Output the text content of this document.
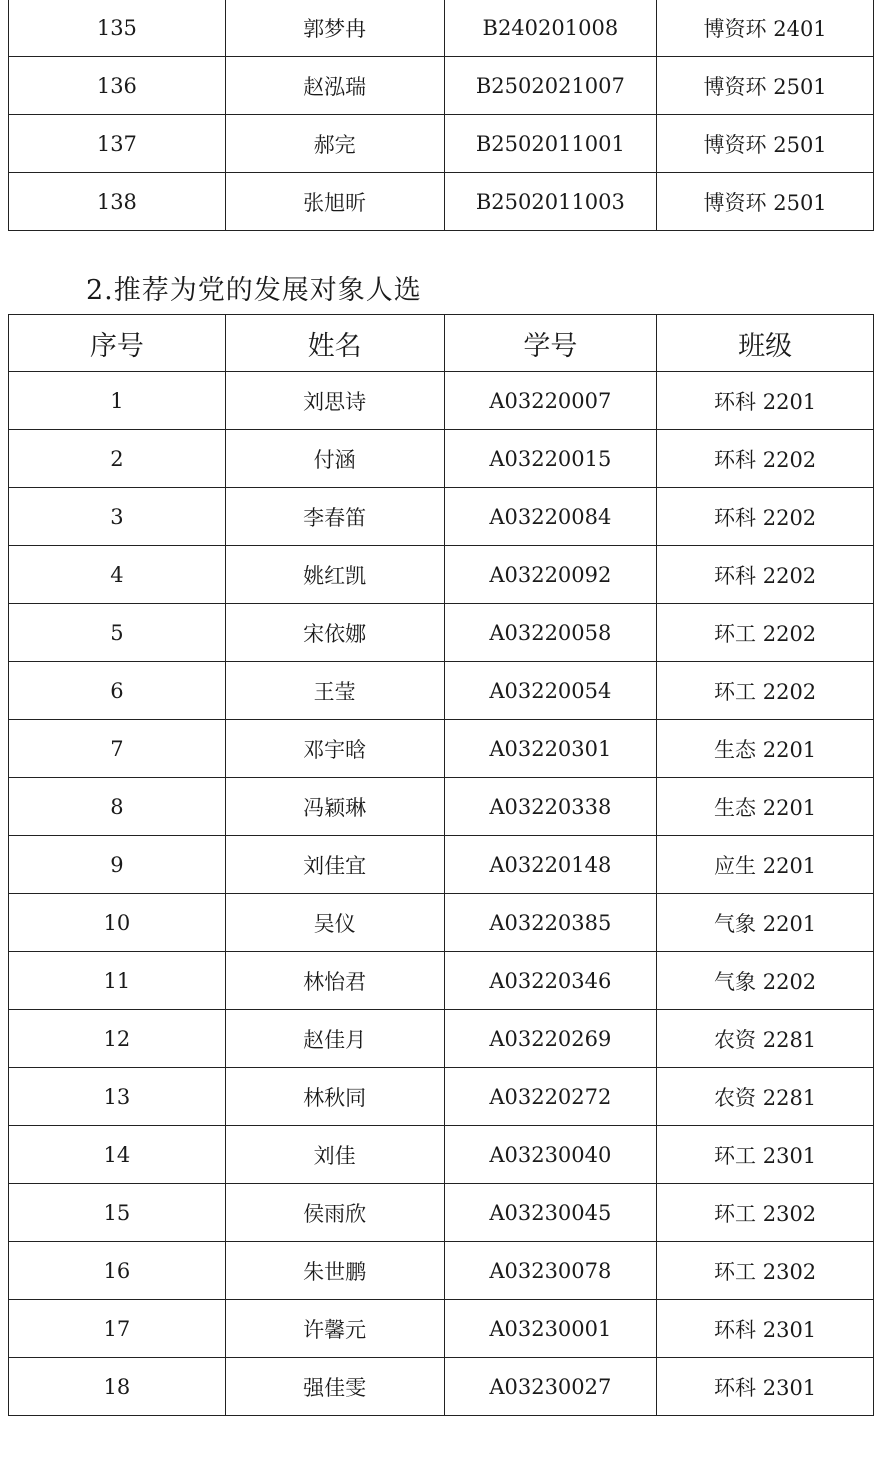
135	郭梦冉	B240201008	博资环 2401
136	赵泓瑞	B2502021007	博资环 2501
137	郝完	B2502011001	博资环 2501
138	张旭昕	B2502011003	博资环 2501
2.推荐为党的发展对象人选
序号	姓名	学号	班级
1	刘思诗	A03220007	环科 2201
2	付涵	A03220015	环科 2202
3	李春笛	A03220084	环科 2202
4	姚红凯	A03220092	环科 2202
5	宋依娜	A03220058	环工 2202
6	王莹	A03220054	环工 2202
7	邓宇晗	A03220301	生态 2201
8	冯颖琳	A03220338	生态 2201
9	刘佳宜	A03220148	应生 2201
10	吴仪	A03220385	气象 2201
11	林怡君	A03220346	气象 2202
12	赵佳月	A03220269	农资 2281
13	林秋同	A03220272	农资 2281
14	刘佳	A03230040	环工 2301
15	侯雨欣	A03230045	环工 2302
16	朱世鹏	A03230078	环工 2302
17	许馨元	A03230001	环科 2301
18	强佳雯	A03230027	环科 2301
